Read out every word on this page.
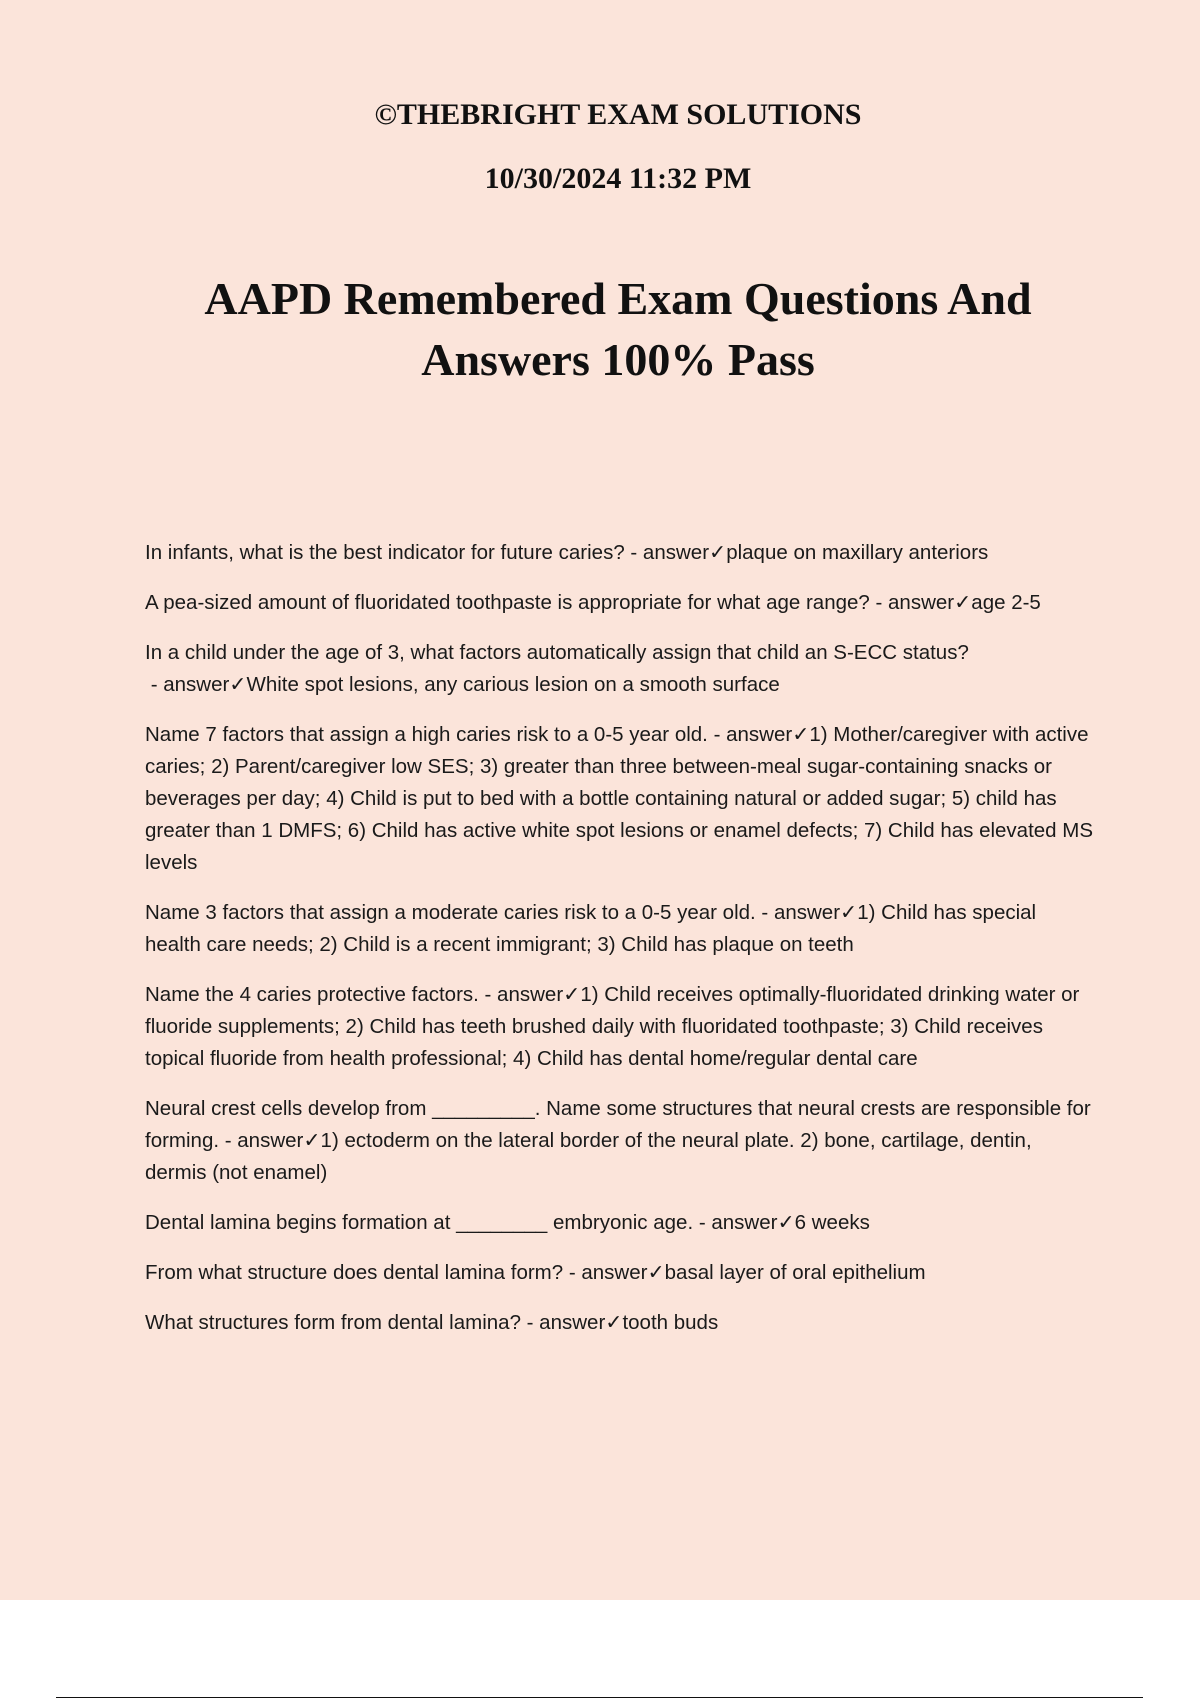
©THEBRIGHT EXAM SOLUTIONS

10/30/2024 11:32 PM

AAPD Remembered Exam Questions And Answers 100% Pass

In infants, what is the best indicator for future caries? - answer✓plaque on maxillary anteriors

A pea-sized amount of fluoridated toothpaste is appropriate for what age range? - answer✓age 2-5

In a child under the age of 3, what factors automatically assign that child an S-ECC status? - answer✓White spot lesions, any carious lesion on a smooth surface

Name 7 factors that assign a high caries risk to a 0-5 year old. - answer✓1) Mother/caregiver with active caries; 2) Parent/caregiver low SES; 3) greater than three between-meal sugar-containing snacks or beverages per day; 4) Child is put to bed with a bottle containing natural or added sugar; 5) child has greater than 1 DMFS; 6) Child has active white spot lesions or enamel defects; 7) Child has elevated MS levels

Name 3 factors that assign a moderate caries risk to a 0-5 year old. - answer✓1) Child has special health care needs; 2) Child is a recent immigrant; 3) Child has plaque on teeth

Name the 4 caries protective factors. - answer✓1) Child receives optimally-fluoridated drinking water or fluoride supplements; 2) Child has teeth brushed daily with fluoridated toothpaste; 3) Child receives topical fluoride from health professional; 4) Child has dental home/regular dental care

Neural crest cells develop from _________. Name some structures that neural crests are responsible for forming. - answer✓1) ectoderm on the lateral border of the neural plate. 2) bone, cartilage, dentin, dermis (not enamel)

Dental lamina begins formation at ________ embryonic age. - answer✓6 weeks

From what structure does dental lamina form? - answer✓basal layer of oral epithelium

What structures form from dental lamina? - answer✓tooth buds
